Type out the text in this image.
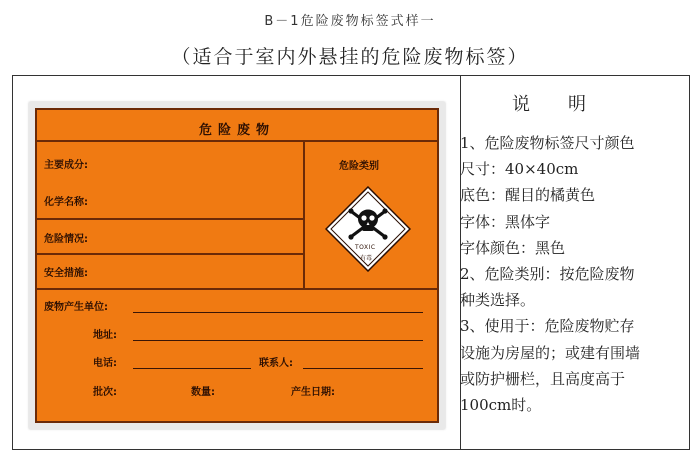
B－1危险废物标签式样一
（适合于室内外悬挂的危险废物标签）
危险废物
主要成分:
化学名称:
危险情况:
安全措施:
危险类别
TOXIC
有毒
废物产生单位:
地址:
电话:	联系人:
批次:	数量:	产生日期:
说明
1、危险废物标签尺寸颜色
尺寸：40×40cm
底色：醒目的橘黄色
字体：黑体字
字体颜色：黑色
2、危险类别：按危险废物
种类选择。
3、使用于：危险废物贮存
设施为房屋的；或建有围墙
或防护栅栏，且高度高于
100cm时。
